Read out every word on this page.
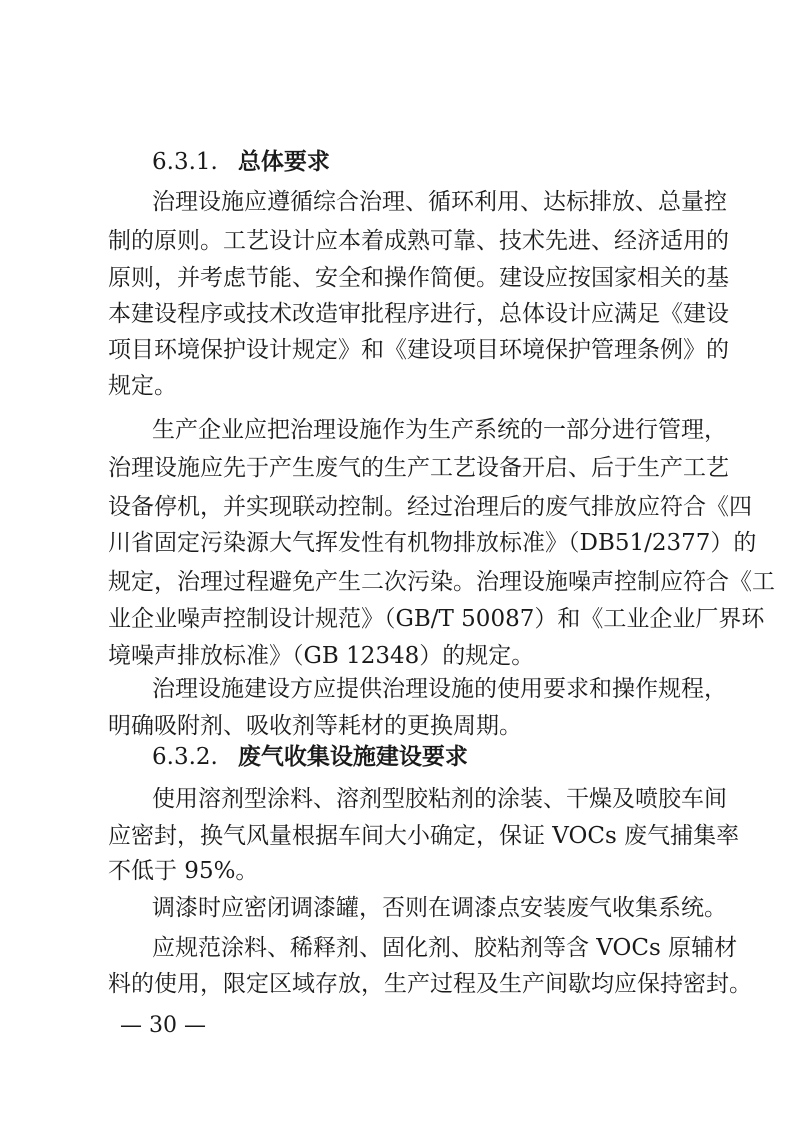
6.3.1. 总体要求
治理设施应遵循综合治理、循环利用、达标排放、总量控
制的原则。工艺设计应本着成熟可靠、技术先进、经济适用的
原则，并考虑节能、安全和操作简便。建设应按国家相关的基
本建设程序或技术改造审批程序进行，总体设计应满足《建设
项目环境保护设计规定》和《建设项目环境保护管理条例》的
规定。
生产企业应把治理设施作为生产系统的一部分进行管理，
治理设施应先于产生废气的生产工艺设备开启、后于生产工艺
设备停机，并实现联动控制。经过治理后的废气排放应符合《四
川省固定污染源大气挥发性有机物排放标准》（DB51/2377）的
规定，治理过程避免产生二次污染。治理设施噪声控制应符合《工
业企业噪声控制设计规范》（GB/T 50087）和《工业企业厂界环
境噪声排放标准》（GB 12348）的规定。
治理设施建设方应提供治理设施的使用要求和操作规程，
明确吸附剂、吸收剂等耗材的更换周期。
6.3.2. 废气收集设施建设要求
使用溶剂型涂料、溶剂型胶粘剂的涂装、干燥及喷胶车间
应密封，换气风量根据车间大小确定，保证 VOCs 废气捕集率
不低于 95%。
调漆时应密闭调漆罐，否则在调漆点安装废气收集系统。
应规范涂料、稀释剂、固化剂、胶粘剂等含 VOCs 原辅材
料的使用，限定区域存放，生产过程及生产间歇均应保持密封。
— 30 —
